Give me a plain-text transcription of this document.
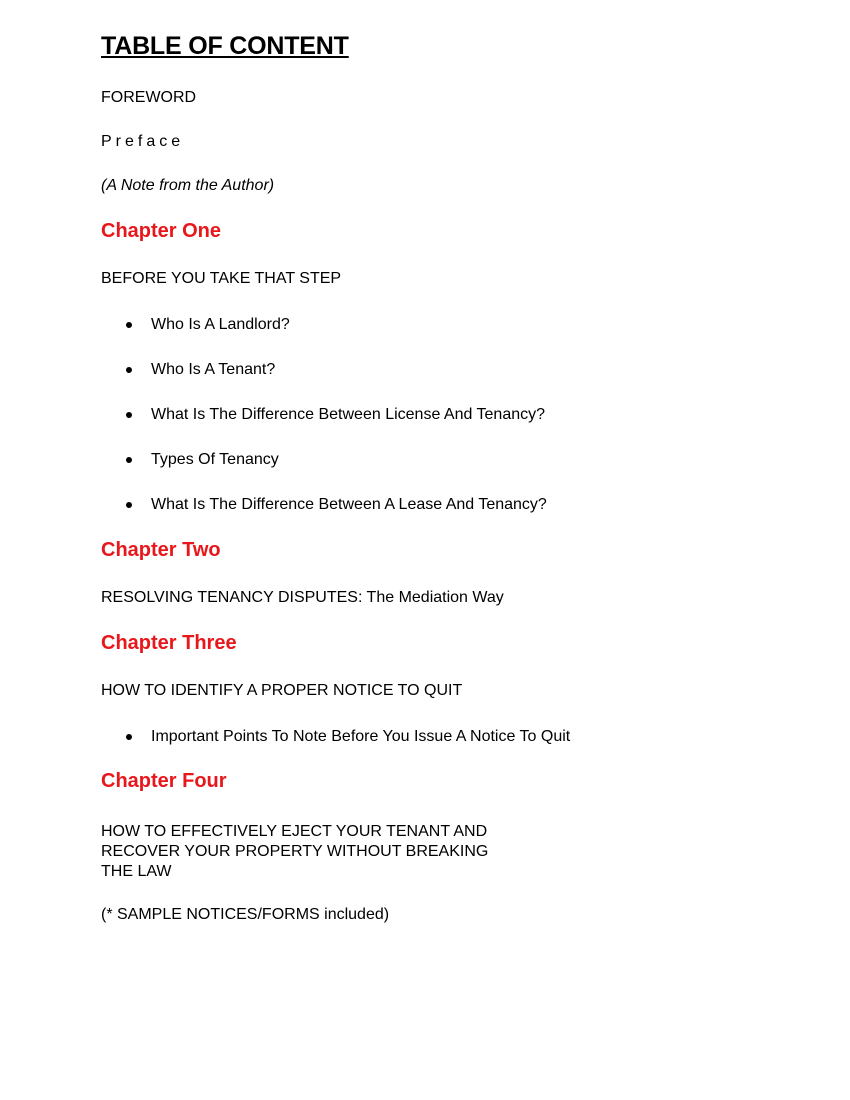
TABLE OF CONTENT

FOREWORD

Preface

(A Note from the Author)

Chapter One

BEFORE YOU TAKE THAT STEP

Who Is A Landlord?
Who Is A Tenant?
What Is The Difference Between License And Tenancy?
Types Of Tenancy
What Is The Difference Between A Lease And Tenancy?
Chapter Two

RESOLVING TENANCY DISPUTES: The Mediation Way

Chapter Three

HOW TO IDENTIFY A PROPER NOTICE TO QUIT

Important Points To Note Before You Issue A Notice To Quit
Chapter Four

HOW TO EFFECTIVELY EJECT YOUR TENANT AND RECOVER YOUR PROPERTY WITHOUT BREAKING THE LAW

(* SAMPLE NOTICES/FORMS included)
